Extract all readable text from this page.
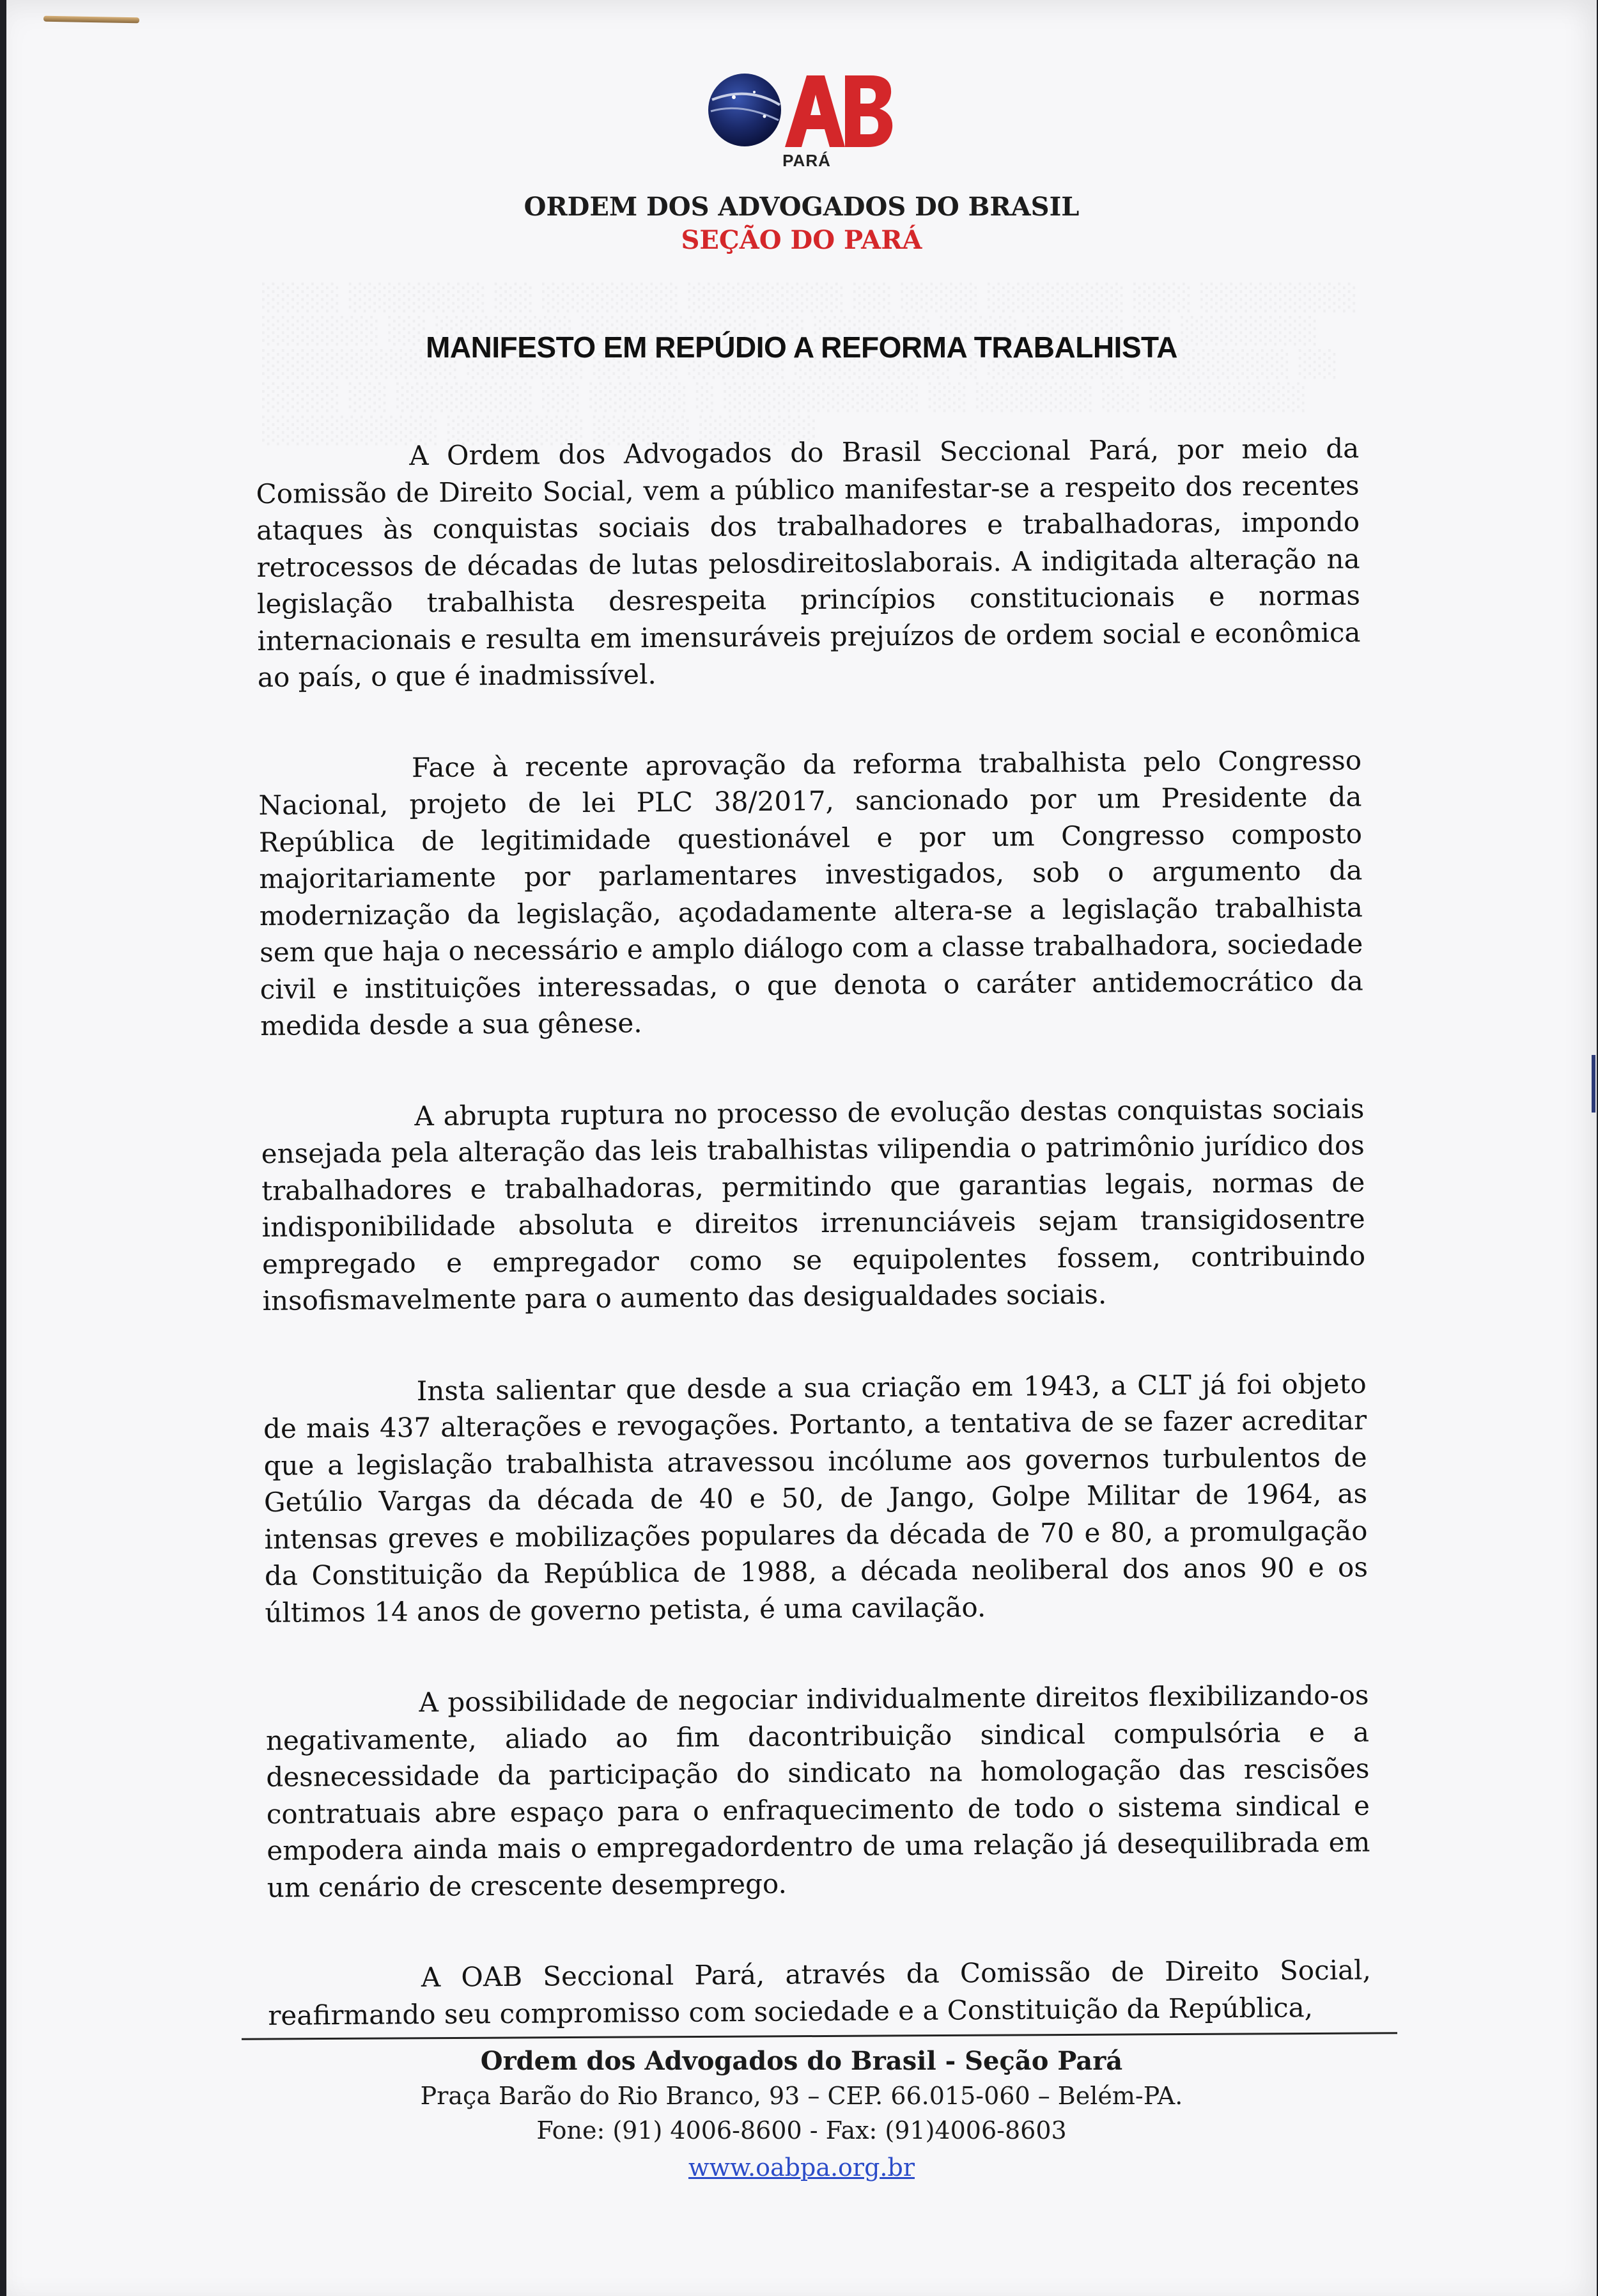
PARÁ
ORDEM DOS ADVOGADOS DO BRASIL
SEÇÃO DO PARÁ

MANIFESTO EM REPÚDIO A REFORMA TRABALHISTA

A Ordem dos Advogados do Brasil Seccional Pará, por meio da Comissão de Direito Social, vem a público manifestar-se a respeito dos recentes ataques às conquistas sociais dos trabalhadores e trabalhadoras, impondo retrocessos de décadas de lutas pelosdireitoslaborais. A indigitada alteração na legislação trabalhista desrespeita princípios constitucionais e normas internacionais e resulta em imensuráveis prejuízos de ordem social e econômica ao país, o que é inadmissível.

Face à recente aprovação da reforma trabalhista pelo Congresso Nacional, projeto de lei PLC 38/2017, sancionado por um Presidente da República de legitimidade questionável e por um Congresso composto majoritariamente por parlamentares investigados, sob o argumento da modernização da legislação, açodadamente altera-se a legislação trabalhista sem que haja o necessário e amplo diálogo com a classe trabalhadora, sociedade civil e instituições interessadas, o que denota o caráter antidemocrático da medida desde a sua gênese.

A abrupta ruptura no processo de evolução destas conquistas sociais ensejada pela alteração das leis trabalhistas vilipendia o patrimônio jurídico dos trabalhadores e trabalhadoras, permitindo que garantias legais, normas de indisponibilidade absoluta e direitos irrenunciáveis sejam transigidosentre empregado e empregador como se equipolentes fossem, contribuindo insofismavelmente para o aumento das desigualdades sociais.

Insta salientar que desde a sua criação em 1943, a CLT já foi objeto de mais 437 alterações e revogações. Portanto, a tentativa de se fazer acreditar que a legislação trabalhista atravessou incólume aos governos turbulentos de Getúlio Vargas da década de 40 e 50, de Jango, Golpe Militar de 1964, as intensas greves e mobilizações populares da década de 70 e 80, a promulgação da Constituição da República de 1988, a década neoliberal dos anos 90 e os últimos 14 anos de governo petista, é uma cavilação.

A possibilidade de negociar individualmente direitos flexibilizando-os negativamente, aliado ao fim dacontribuição sindical compulsória e a desnecessidade da participação do sindicato na homologação das rescisões contratuais abre espaço para o enfraquecimento de todo o sistema sindical e empodera ainda mais o empregadordentro de uma relação já desequilibrada em um cenário de crescente desemprego.

A OAB Seccional Pará, através da Comissão de Direito Social, reafirmando seu compromisso com sociedade e a Constituição da República,

Ordem dos Advogados do Brasil - Seção Pará
Praça Barão do Rio Branco, 93 – CEP. 66.015-060 – Belém-PA.
Fone: (91) 4006-8600 - Fax: (91)4006-8603
www.oabpa.org.br
